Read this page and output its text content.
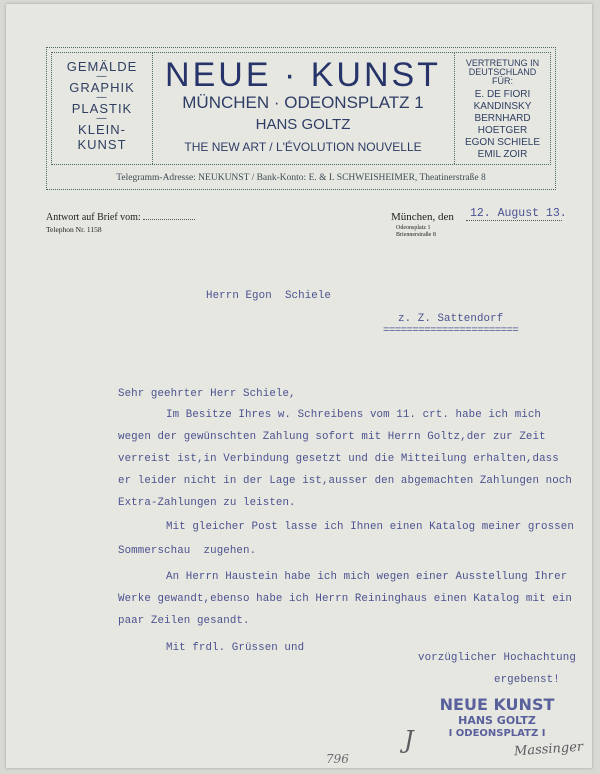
GEMÄLDE
—
GRAPHIK
—
PLASTIK
—
KLEIN-
KUNST
NEUE · KUNST
MÜNCHEN · ODEONSPLATZ 1
HANS GOLTZ
THE NEW ART / L'ÉVOLUTION NOUVELLE
VERTRETUNG IN
DEUTSCHLAND
FÜR:
E. DE FIORI
KANDINSKY
BERNHARD
HOETGER
EGON SCHIELE
EMIL ZOIR
Telegramm-Adresse: NEUKUNST / Bank-Konto: E. & I. SCHWEISHEIMER, Theatinerstraße 8
Antwort auf Brief vom:
Telephon Nr. 1158
München, den
Odeonsplatz 1
Briennerstraße 8
12. August 13.
Herrn Egon  Schiele
z. Z. Sattendorf
=======================
Sehr geehrter Herr Schiele,
Im Besitze Ihres w. Schreibens vom 11. crt. habe ich mich
wegen der gewünschten Zahlung sofort mit Herrn Goltz,der zur Zeit
verreist ist,in Verbindung gesetzt und die Mitteilung erhalten,dass
er leider nicht in der Lage ist,ausser den abgemachten Zahlungen noch
Extra-Zahlungen zu leisten.
Mit gleicher Post lasse ich Ihnen einen Katalog meiner grossen
Sommerschau  zugehen.
An Herrn Haustein habe ich mich wegen einer Ausstellung Ihrer
Werke gewandt,ebenso habe ich Herrn Reininghaus einen Katalog mit ein
paar Zeilen gesandt.
Mit frdl. Grüssen und
vorzüglicher Hochachtung
ergebenst!
NEUE KUNST
HANS GOLTZ
I ODEONSPLATZ I
J	Massinger
796
